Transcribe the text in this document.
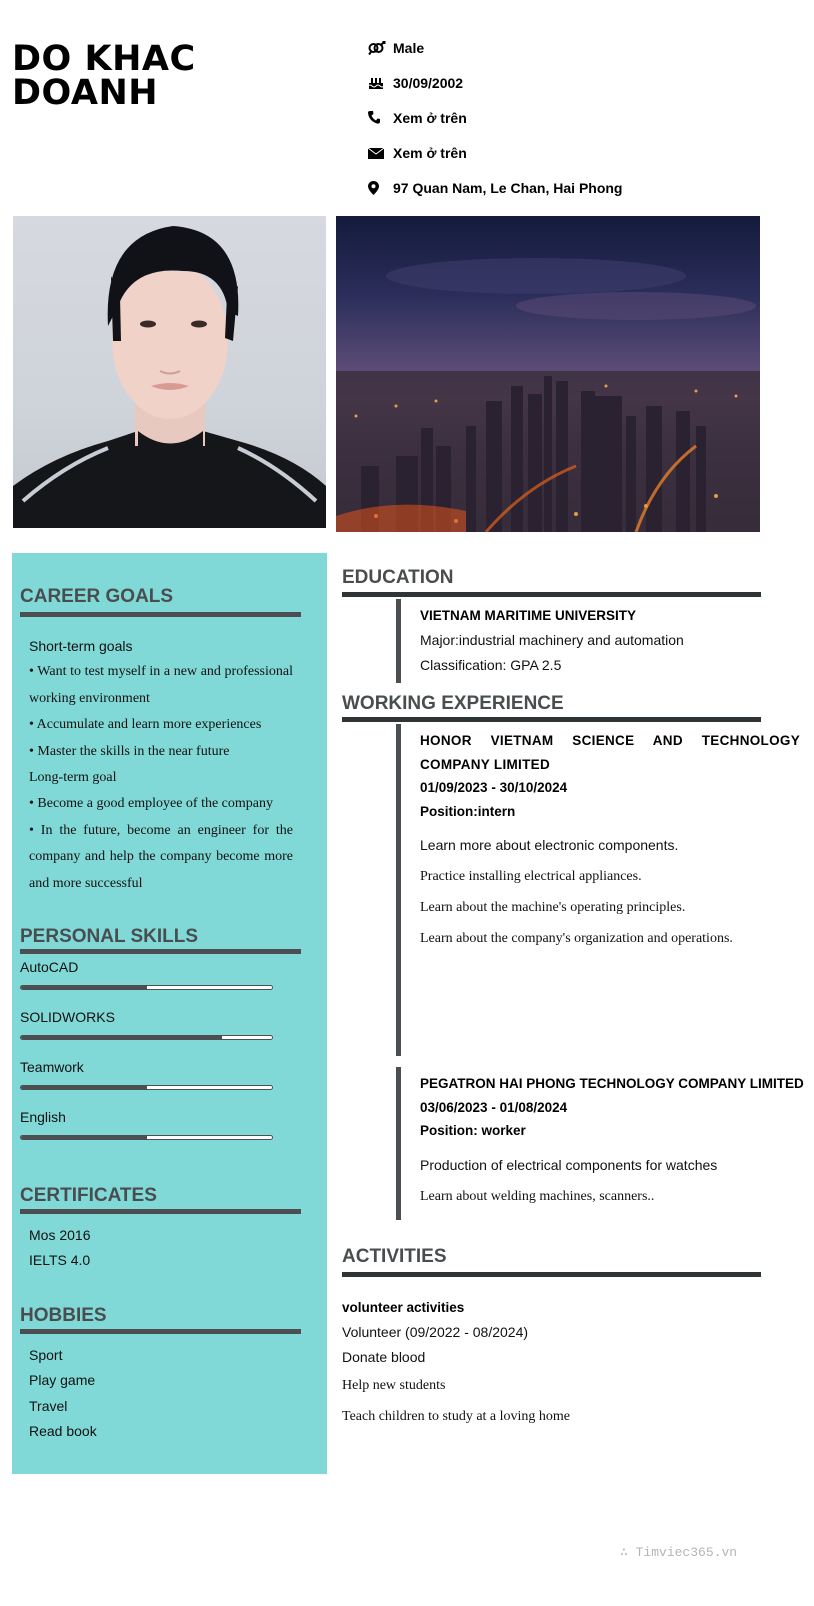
DO KHAC
DOANH
Male
30/09/2002
Xem ở trên
Xem ở trên
97 Quan Nam, Le Chan, Hai Phong
CAREER GOALS
Short-term goals
• Want to test myself in a new and professional working environment
• Accumulate and learn more experiences
• Master the skills in the near future
Long-term goal
• Become a good employee of the company
• In the future, become an engineer for the company and help the company become more and more successful
PERSONAL SKILLS
AutoCAD
SOLIDWORKS
Teamwork
English
CERTIFICATES
Mos 2016
IELTS 4.0
HOBBIES
Sport
Play game
Travel
Read book
EDUCATION
VIETNAM MARITIME UNIVERSITY
Major:industrial machinery and automation
Classification: GPA 2.5
WORKING EXPERIENCE
HONOR VIETNAM SCIENCE AND TECHNOLOGY COMPANY LIMITED
01/09/2023 - 30/10/2024
Position:intern
Learn more about electronic components.
Practice installing electrical appliances.
Learn about the machine's operating principles.
Learn about the company's organization and operations.
PEGATRON HAI PHONG TECHNOLOGY COMPANY LIMITED
03/06/2023 - 01/08/2024
Position: worker
Production of electrical components for watches
Learn about welding machines, scanners..
ACTIVITIES
volunteer activities
Volunteer (09/2022 - 08/2024)
Donate blood
Help new students
Teach children to study at a loving home
∴ Timviec365.vn
